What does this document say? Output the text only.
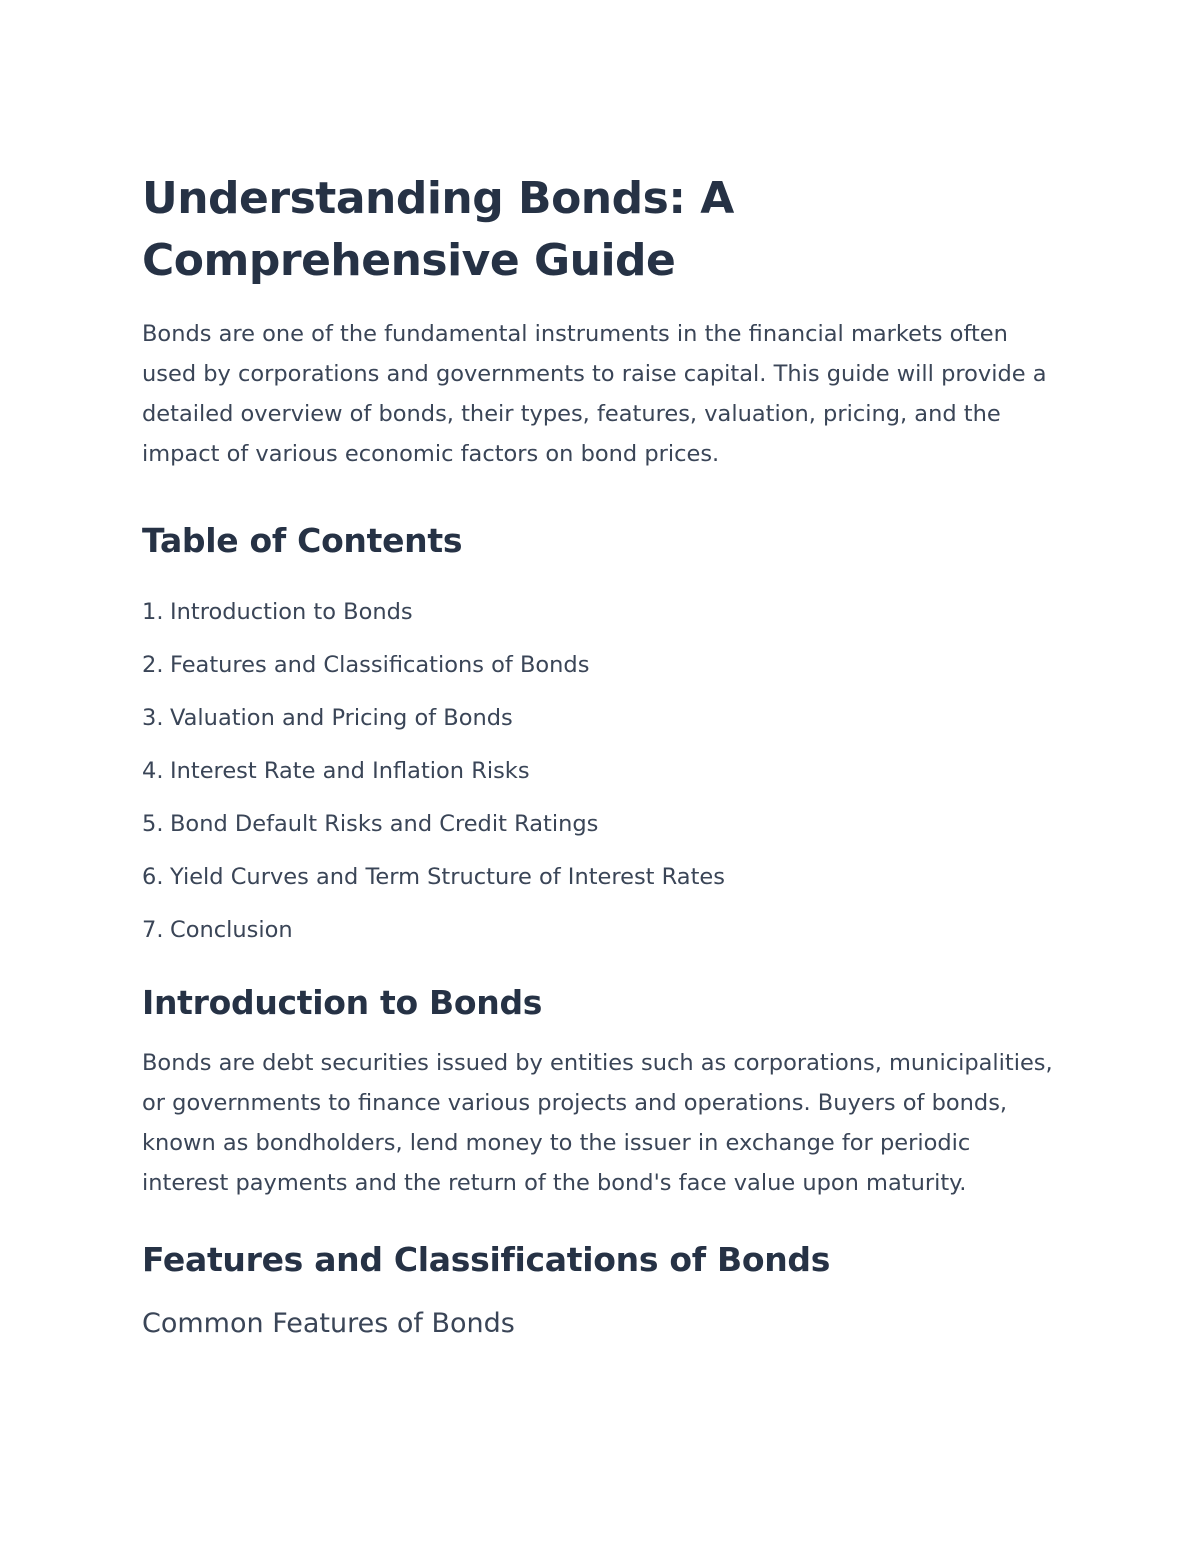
Understanding Bonds: A Comprehensive Guide

Bonds are one of the fundamental instruments in the financial markets often used by corporations and governments to raise capital. This guide will provide a detailed overview of bonds, their types, features, valuation, pricing, and the impact of various economic factors on bond prices.

Table of Contents
1. Introduction to Bonds
2. Features and Classifications of Bonds
3. Valuation and Pricing of Bonds
4. Interest Rate and Inflation Risks
5. Bond Default Risks and Credit Ratings
6. Yield Curves and Term Structure of Interest Rates
7. Conclusion
Introduction to Bonds

Bonds are debt securities issued by entities such as corporations, municipalities, or governments to finance various projects and operations. Buyers of bonds, known as bondholders, lend money to the issuer in exchange for periodic interest payments and the return of the bond's face value upon maturity.

Features and Classifications of Bonds
Common Features of Bonds
